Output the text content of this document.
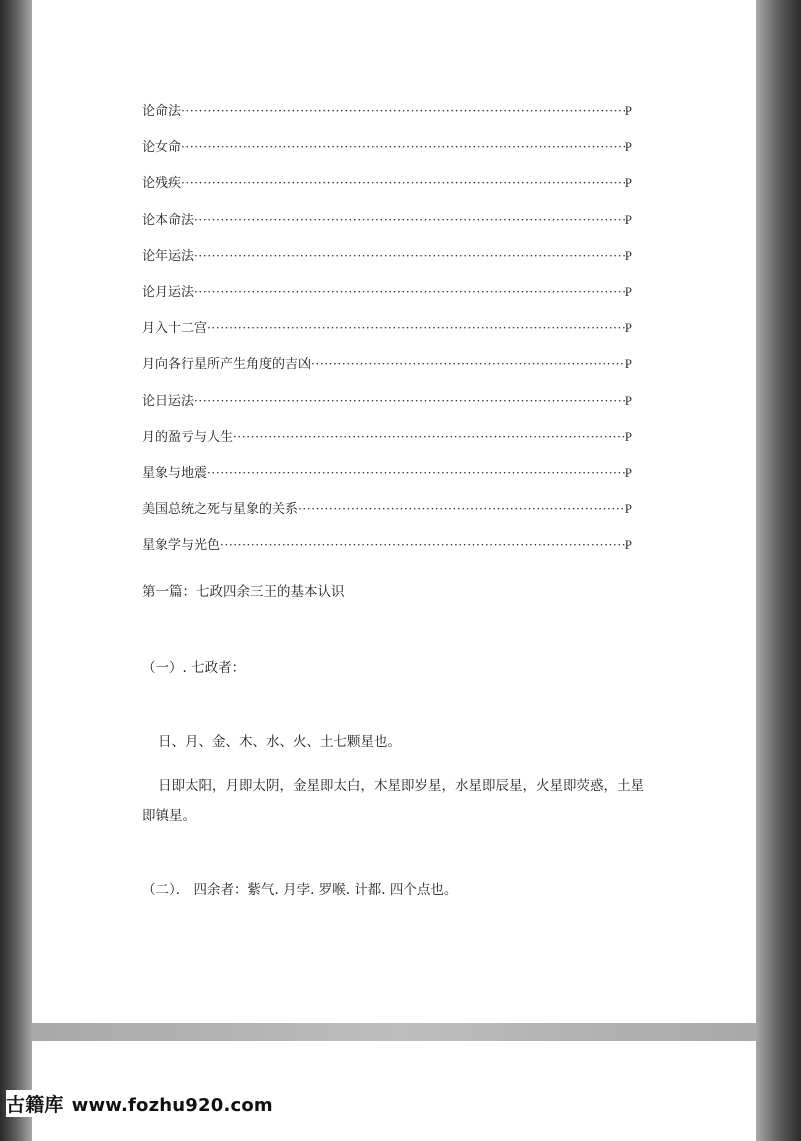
论命法 ·····	P
论女命 ·····	P
论残疾 ·····	P
论本命法 ·····	P
论年运法 ·····	P
论月运法 ·····	P
月入十二宫 ·····	P
月向各行星所产生角度的吉凶 ·····	P
论日运法 ·····	P
月的盈亏与人生 ·····	P
星象与地震 ·····	P
美国总统之死与星象的关系 ·····	P
星象学与光色 ·····	P
第一篇：七政四余三王的基本认识
（一）. 七政者：
日、月、金、木、水、火、土七颗星也。
日即太阳，月即太阴，金星即太白，木星即岁星，水星即辰星，火星即荧惑，土星即镇星。
（二）． 四余者：紫气. 月孛. 罗喉. 计都. 四个点也。
古籍库 www.fozhu920.com
